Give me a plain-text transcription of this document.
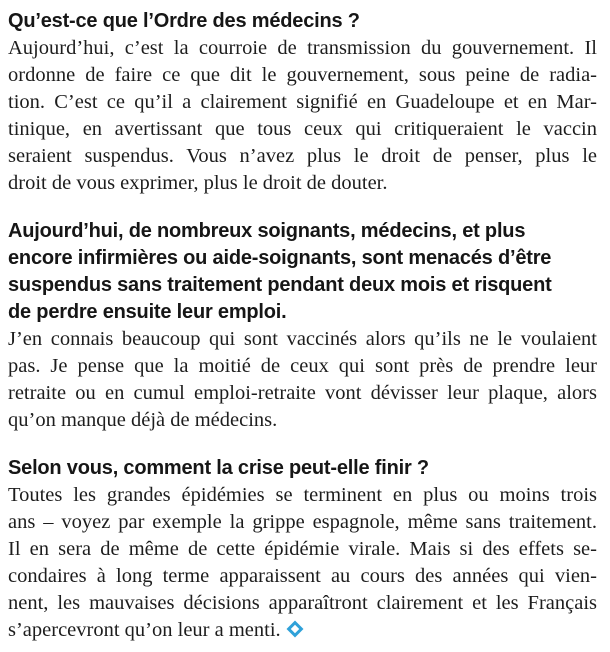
Qu’est-ce que l’Ordre des médecins ?
Aujourd’hui, c’est la courroie de transmission du gouvernement. Il
ordonne de faire ce que dit le gouvernement, sous peine de radia-
tion. C’est ce qu’il a clairement signifié en Guadeloupe et en Mar-
tinique, en avertissant que tous ceux qui critiqueraient le vaccin
seraient suspendus. Vous n’avez plus le droit de penser, plus le
droit de vous exprimer, plus le droit de douter.
Aujourd’hui, de nombreux soignants, médecins, et plus
encore infirmières ou aide-soignants, sont menacés d’être
suspendus sans traitement pendant deux mois et risquent
de perdre ensuite leur emploi.
J’en connais beaucoup qui sont vaccinés alors qu’ils ne le voulaient
pas. Je pense que la moitié de ceux qui sont près de prendre leur
retraite ou en cumul emploi-retraite vont dévisser leur plaque, alors
qu’on manque déjà de médecins.
Selon vous, comment la crise peut-elle finir ?
Toutes les grandes épidémies se terminent en plus ou moins trois
ans – voyez par exemple la grippe espagnole, même sans traitement.
Il en sera de même de cette épidémie virale. Mais si des effets se-
condaires à long terme apparaissent au cours des années qui vien-
nent, les mauvaises décisions apparaîtront clairement et les Français
s’apercevront qu’on leur a menti.
